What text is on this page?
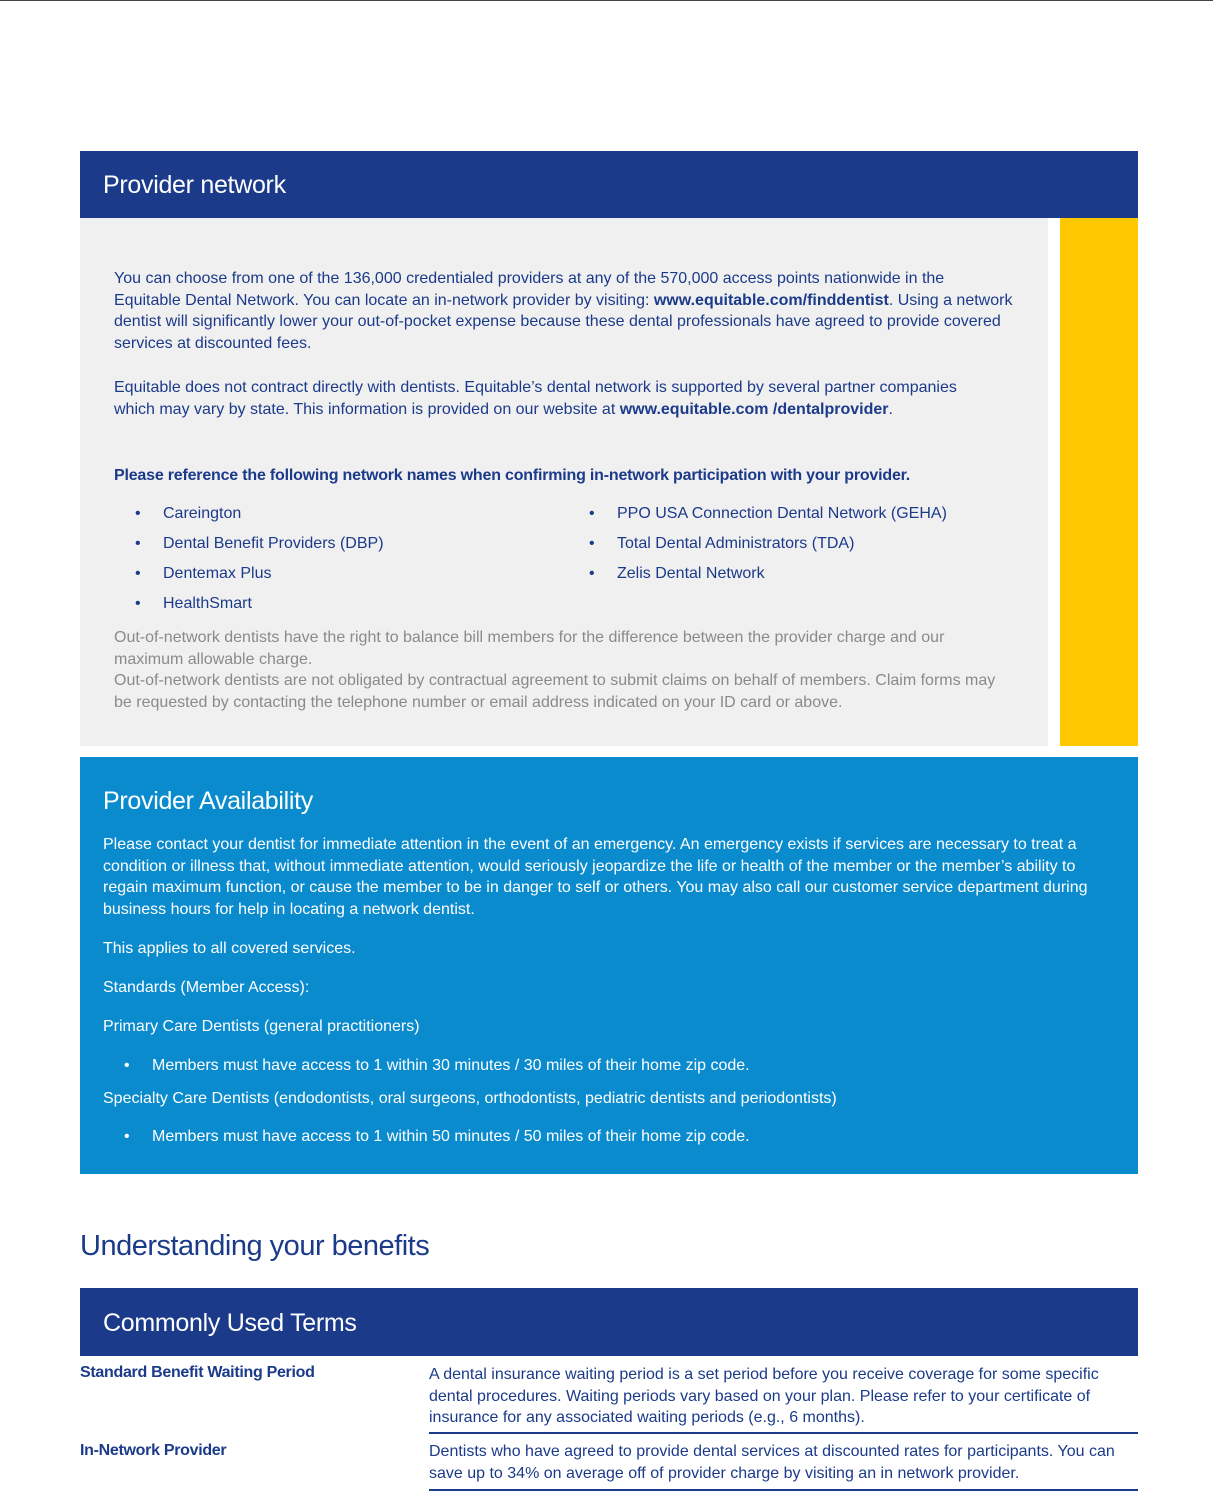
Provider network

You can choose from one of the 136,000 credentialed providers at any of the 570,000 access points nationwide in the Equitable Dental Network. You can locate an in-network provider by visiting: www.equitable.com/finddentist. Using a network dentist will significantly lower your out-of-pocket expense because these dental professionals have agreed to provide covered services at discounted fees.

Equitable does not contract directly with dentists. Equitable’s dental network is supported by several partner companies which may vary by state. This information is provided on our website at www.equitable.com /dentalprovider.

Please reference the following network names when confirming in-network participation with your provider.

• Careington
• Dental Benefit Providers (DBP)
• Dentemax Plus
• HealthSmart
• PPO USA Connection Dental Network (GEHA)
• Total Dental Administrators (TDA)
• Zelis Dental Network

Out-of-network dentists have the right to balance bill members for the difference between the provider charge and our maximum allowable charge.

Out-of-network dentists are not obligated by contractual agreement to submit claims on behalf of members. Claim forms may be requested by contacting the telephone number or email address indicated on your ID card or above.

Provider Availability

Please contact your dentist for immediate attention in the event of an emergency. An emergency exists if services are necessary to treat a condition or illness that, without immediate attention, would seriously jeopardize the life or health of the member or the member’s ability to regain maximum function, or cause the member to be in danger to self or others. You may also call our customer service department during business hours for help in locating a network dentist.

This applies to all covered services.

Standards (Member Access):

Primary Care Dentists (general practitioners)

• Members must have access to 1 within 30 minutes / 30 miles of their home zip code.

Specialty Care Dentists (endodontists, oral surgeons, orthodontists, pediatric dentists and periodontists)

• Members must have access to 1 within 50 minutes / 50 miles of their home zip code.

Understanding your benefits
Commonly Used Terms
Standard Benefit Waiting Period	A dental insurance waiting period is a set period before you receive coverage for some specific dental procedures. Waiting periods vary based on your plan. Please refer to your certificate of insurance for any associated waiting periods (e.g., 6 months).
In-Network Provider	Dentists who have agreed to provide dental services at discounted rates for participants. You can save up to 34% on average off of provider charge by visiting an in network provider.
